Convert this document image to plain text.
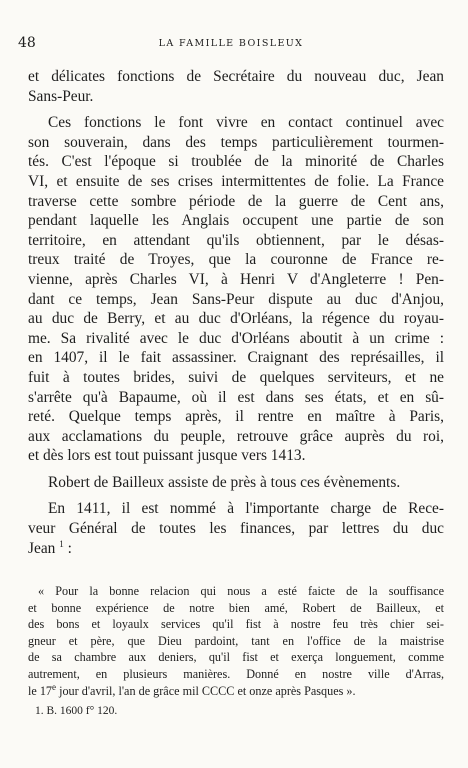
48	LA FAMILLE BOISLEUX
et délicates fonctions de Secrétaire du nouveau duc, Jean
Sans-Peur.
Ces fonctions le font vivre en contact continuel avec
son souverain, dans des temps particulièrement tourmen-
tés. C'est l'époque si troublée de la minorité de Charles
VI, et ensuite de ses crises intermittentes de folie. La France
traverse cette sombre période de la guerre de Cent ans,
pendant laquelle les Anglais occupent une partie de son
territoire, en attendant qu'ils obtiennent, par le désas-
treux traité de Troyes, que la couronne de France re-
vienne, après Charles VI, à Henri V d'Angleterre ! Pen-
dant ce temps, Jean Sans-Peur dispute au duc d'Anjou,
au duc de Berry, et au duc d'Orléans, la régence du royau-
me. Sa rivalité avec le duc d'Orléans aboutit à un crime :
en 1407, il le fait assassiner. Craignant des représailles, il
fuit à toutes brides, suivi de quelques serviteurs, et ne
s'arrête qu'à Bapaume, où il est dans ses états, et en sû-
reté. Quelque temps après, il rentre en maître à Paris,
aux acclamations du peuple, retrouve grâce auprès du roi,
et dès lors est tout puissant jusque vers 1413.
Robert de Bailleux assiste de près à tous ces évènements.
En 1411, il est nommé à l'importante charge de Rece-
veur Général de toutes les finances, par lettres du duc
Jean $^1$ :
« Pour la bonne relacion qui nous a esté faicte de la souffisance
et bonne expérience de notre bien amé, Robert de Bailleux, et
des bons et loyaulx services qu'il fist à nostre feu très chier sei-
gneur et père, que Dieu pardoint, tant en l'office de la maistrise
de sa chambre aux deniers, qu'il fist et exerça longuement, comme
autrement, en plusieurs manières. Donné en nostre ville d'Arras,
le 17e jour d'avril, l'an de grâce mil CCCC et onze après Pasques ».
1. B. 1600 f° 120.
